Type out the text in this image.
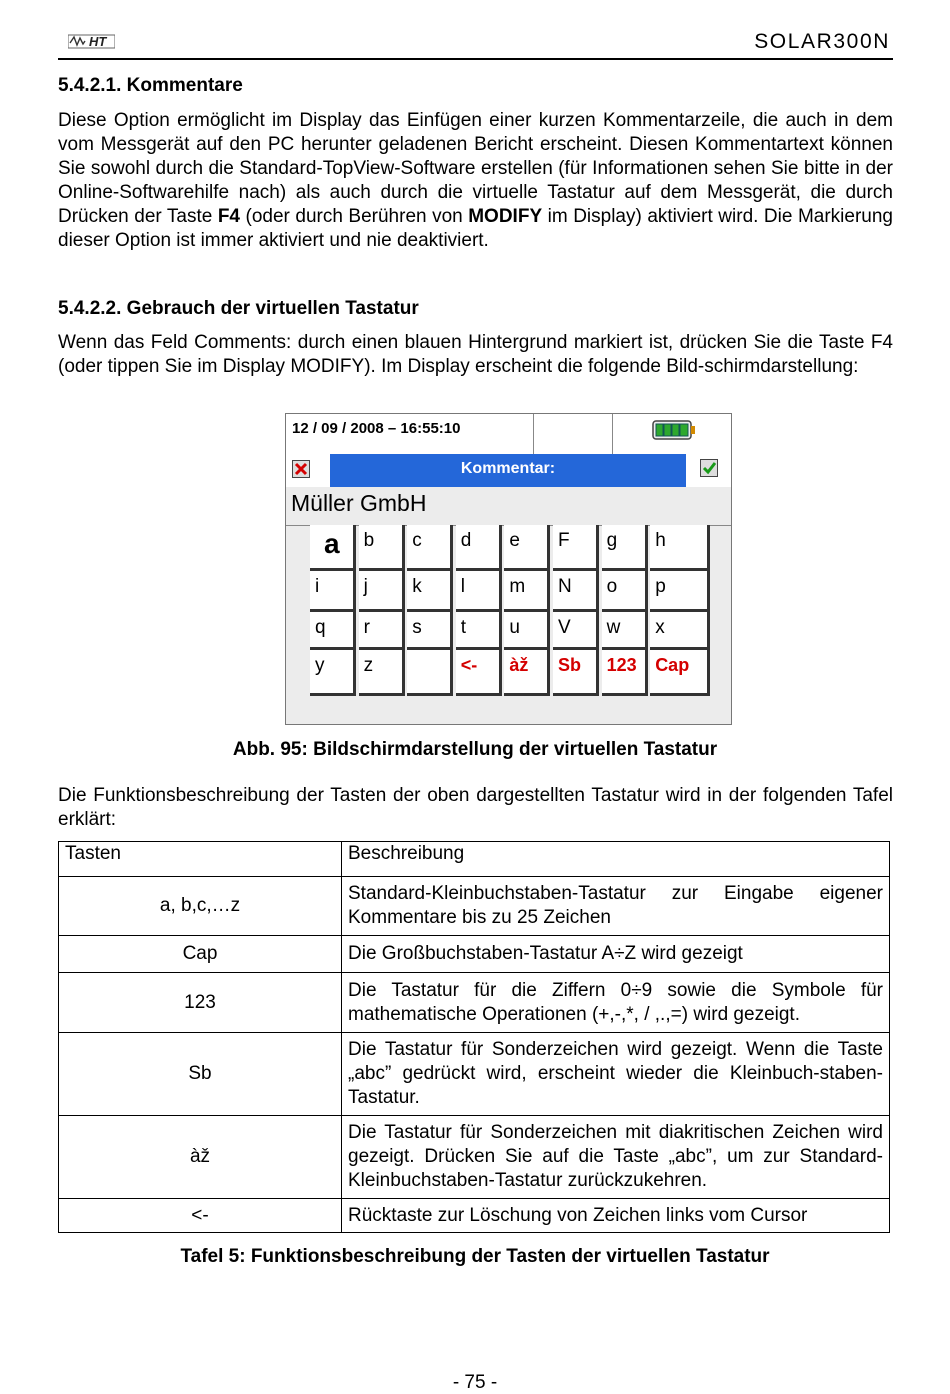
HT	SOLAR300N
5.4.2.1. Kommentare
Diese Option ermöglicht im Display das Einfügen einer kurzen Kommentarzeile, die auch in dem vom Messgerät auf den PC herunter geladenen Bericht erscheint. Diesen Kommentartext können Sie sowohl durch die Standard-TopView-Software erstellen (für Informationen sehen Sie bitte in der Online-Softwarehilfe nach) als auch durch die virtuelle Tastatur auf dem Messgerät, die durch Drücken der Taste F4 (oder durch Berühren von MODIFY im Display) aktiviert wird. Die Markierung dieser Option ist immer aktiviert und nie deaktiviert.
5.4.2.2. Gebrauch der virtuellen Tastatur
Wenn das Feld Comments: durch einen blauen Hintergrund markiert ist, drücken Sie die Taste F4 (oder tippen Sie im Display MODIFY). Im Display erscheint die folgende Bild-schirmdarstellung:
12 / 09 / 2008 – 16:55:10
Kommentar:
Müller GmbH
a b c d e F g h
i j k l m N o p
q r s t u V w x
y z	<- àž Sb 123 Cap
Abb. 95: Bildschirmdarstellung der virtuellen Tastatur
Die Funktionsbeschreibung der Tasten der oben dargestellten Tastatur wird in der folgenden Tafel erklärt:
Tasten	Beschreibung
a, b,c,…z	Standard-Kleinbuchstaben-Tastatur zur Eingabe eigener Kommentare bis zu 25 Zeichen
Cap	Die Großbuchstaben-Tastatur A÷Z wird gezeigt
123	Die Tastatur für die Ziffern 0÷9 sowie die Symbole für mathematische Operationen (+,-,*, / ,.,=) wird gezeigt.
Sb	Die Tastatur für Sonderzeichen wird gezeigt. Wenn die Taste „abc” gedrückt wird, erscheint wieder die Kleinbuch-staben-Tastatur.
àž	Die Tastatur für Sonderzeichen mit diakritischen Zeichen wird gezeigt. Drücken Sie auf die Taste „abc”, um zur Standard-Kleinbuchstaben-Tastatur zurückzukehren.
<-	Rücktaste zur Löschung von Zeichen links vom Cursor
Tafel 5: Funktionsbeschreibung der Tasten der virtuellen Tastatur
- 75 -
